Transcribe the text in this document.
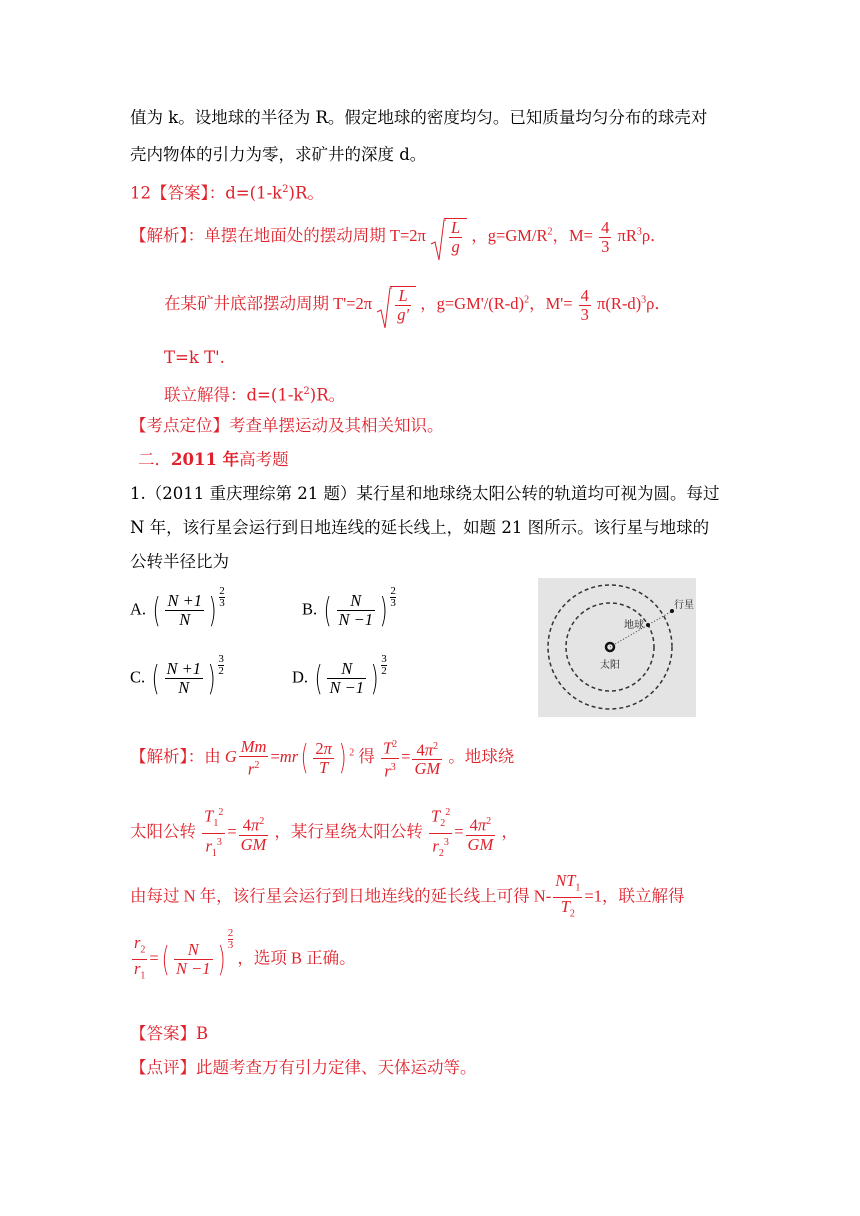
值为 k。设地球的半径为 R。假定地球的密度均匀。已知质量均匀分布的球壳对
壳内物体的引力为零，求矿井的深度 d。
12【答案】：$d=(1-k^2)R$。
【解析】：单摆在地面处的摆动周期 $T=2\pi \frac{L}{g}$ ，$g=GM/R^2$，$M= \frac{4}{3} \pi R^3\rho$．
在某矿井底部摆动周期 $T'=2\pi \frac{L}{g'}$ ，$g=GM'/(R-d)^2$，$M'= \frac{4}{3} \pi(R-d)^3\rho$．
T=k T'.
联立解得：$d=(1-k^2)R$。
【考点定位】考查单摆运动及其相关知识。
二．2011 年高考题
1.（2011 重庆理综第 21 题）某行星和地球绕太阳公转的轨道均可视为圆。每过
N 年，该行星会运行到日地连线的延长线上，如题 21 图所示。该行星与地球的
公转半径比为
A. ( $\frac{N +1}{N}$ ) $\frac{2}{3}$	B. ( $\frac{N}{N -1}$ ) $\frac{2}{3}$
C. ( $\frac{N +1}{N}$ ) $\frac{3}{2}$	D. ( $\frac{N}{N -1}$ ) $\frac{3}{2}$
行星
地球
太阳
【解析】：由 G $\frac{Mm}{r^2} =mr( \frac{2\pi}{T}$ ) $^2$ 得 $\frac{T^2}{r^3} = \frac{4\pi^2}{GM}$ 。地球绕
太阳公转 $\frac{T_1^2}{r_1^3} = \frac{4\pi^2}{GM}$ ，某行星绕太阳公转 $\frac{T_2^2}{r_2^3} = \frac{4\pi^2}{GM}$ ，
由每过 N 年，该行星会运行到日地连线的延长线上可得 $N- \frac{NT_1}{T_2} =1$，联立解得
$\frac{r_2}{r_1}$ =( $\frac{N}{N -1}$ )
$\frac{2}{3}$
，选项 B 正确。
【答案】B
【点评】此题考查万有引力定律、天体运动等。
